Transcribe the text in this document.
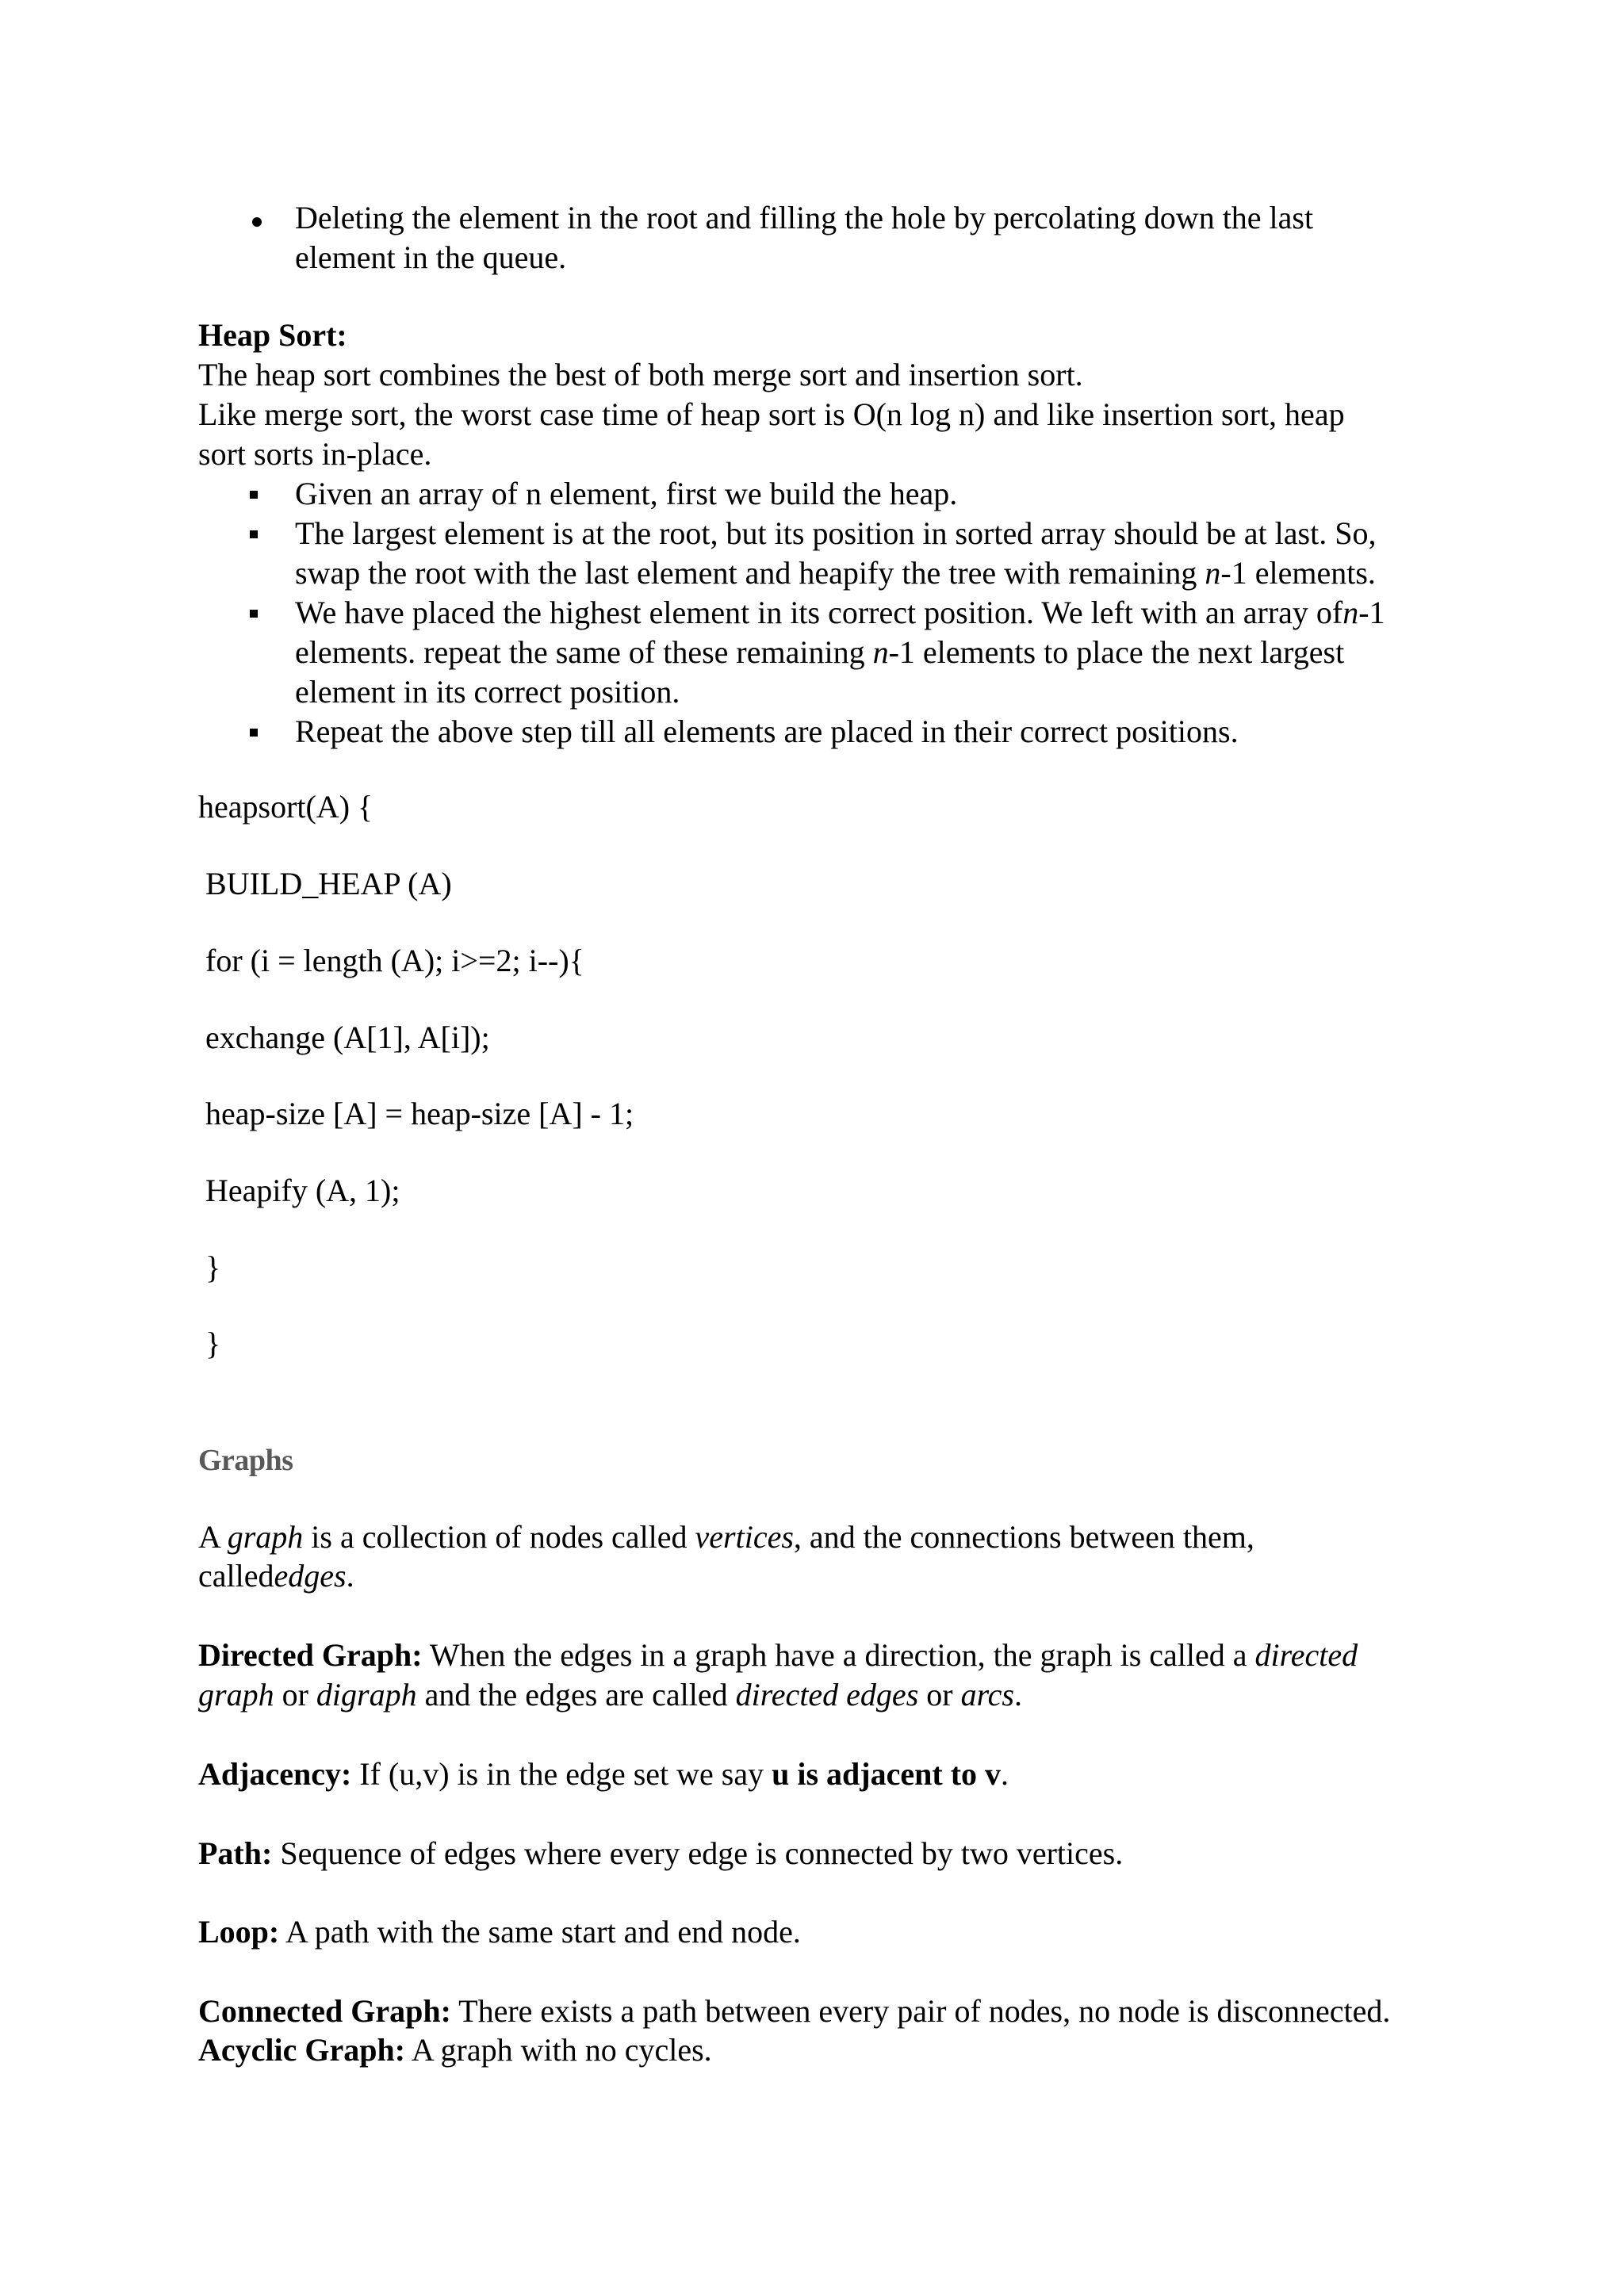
Deleting the element in the root and filling the hole by percolating down the last
element in the queue.
Heap Sort:
The heap sort combines the best of both merge sort and insertion sort.
Like merge sort, the worst case time of heap sort is O(n log n) and like insertion sort, heap
sort sorts in-place.
Given an array of n element, first we build the heap.
The largest element is at the root, but its position in sorted array should be at last. So,
swap the root with the last element and heapify the tree with remaining n-1 elements.
We have placed the highest element in its correct position. We left with an array ofn-1
elements. repeat the same of these remaining n-1 elements to place the next largest
element in its correct position.
Repeat the above step till all elements are placed in their correct positions.
heapsort(A) {
BUILD_HEAP (A)
for (i = length (A); i>=2; i--){
exchange (A[1], A[i]);
heap-size [A] = heap-size [A] - 1;
Heapify (A, 1);
}
}
Graphs
A graph is a collection of nodes called vertices, and the connections between them,
callededges.
Directed Graph: When the edges in a graph have a direction, the graph is called a directed
graph or digraph and the edges are called directed edges or arcs.
Adjacency: If (u,v) is in the edge set we say u is adjacent to v.
Path: Sequence of edges where every edge is connected by two vertices.
Loop: A path with the same start and end node.
Connected Graph: There exists a path between every pair of nodes, no node is disconnected.
Acyclic Graph: A graph with no cycles.
